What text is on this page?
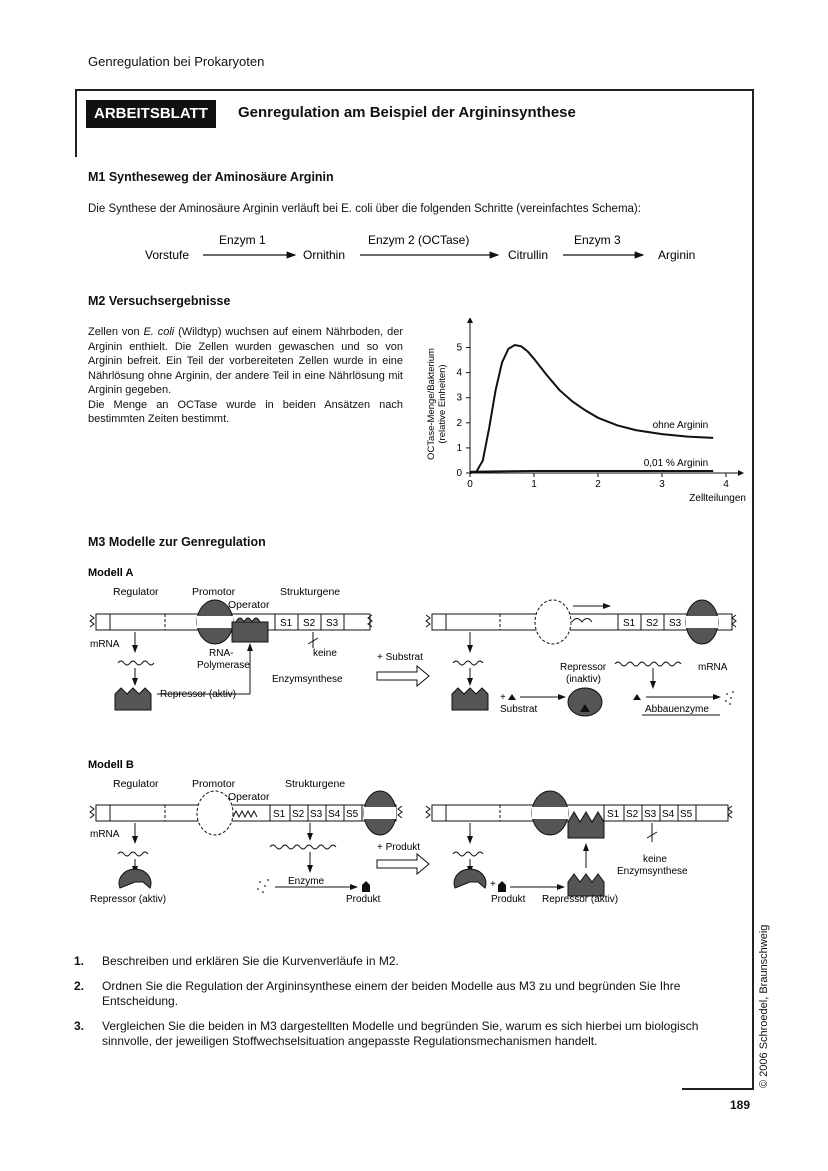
Genregulation bei Prokaryoten
ARBEITSBLATT	Genregulation am Beispiel der Argininsynthese
M1 Syntheseweg der Aminosäure Arginin
Die Synthese der Aminosäure Arginin verläuft bei E. coli über die folgenden Schritte (vereinfachtes Schema):
Vorstufe
Enzym 1
Ornithin
Enzym 2 (OCTase)
Citrullin
Enzym 3
Arginin
M2 Versuchsergebnisse
Zellen von E. coli (Wildtyp) wuchsen auf einem Nährboden, der Arginin enthielt. Die Zellen wurden gewaschen und so von Arginin befreit. Ein Teil der vorbereiteten Zellen wurde in eine Nährlösung ohne Arginin, der andere Teil in eine Nährlösung mit Arginin gegeben.
Die Menge an OCTase wurde in beiden Ansätzen nach bestimmten Zeiten bestimmt.
0	1	2	3	4
0
1
2
3
4
5
Zellteilungen
OCTase-Menge/Bakterium (relative Einheiten)	ohne Arginin
0,01 % Arginin
M3 Modelle zur Genregulation
Modell A
Regulator	Promotor
Operator
Strukturgene
S1 S2 S3
mRNA
Repressor (aktiv)
RNA-Polymerase
keine
Enzymsynthese
+ Substrat
S1 S2 S3
Repressor
(inaktiv)
mRNA
+
Substrat	Abbauenzyme
Modell B
Regulator	Promotor
Operator
Strukturgene
S1 S2 S3 S4 S5
mRNA
Repressor (aktiv)
Enzyme
Produkt
+ Produkt
S1 S2 S3 S4 S5
+
Produkt Repressor (aktiv)
keine
Enzymsynthese
1. Beschreiben und erklären Sie die Kurvenverläufe in M2.
2. Ordnen Sie die Regulation der Argininsynthese einem der beiden Modelle aus M3 zu und begründen Sie Ihre Entscheidung.
3. Vergleichen Sie die beiden in M3 dargestellten Modelle und begründen Sie, warum es sich hierbei um biologisch sinnvolle, der jeweiligen Stoffwechselsituation angepasste Regulationsmechanismen handelt.	© 2006 Schroedel, Braunschweig
189
